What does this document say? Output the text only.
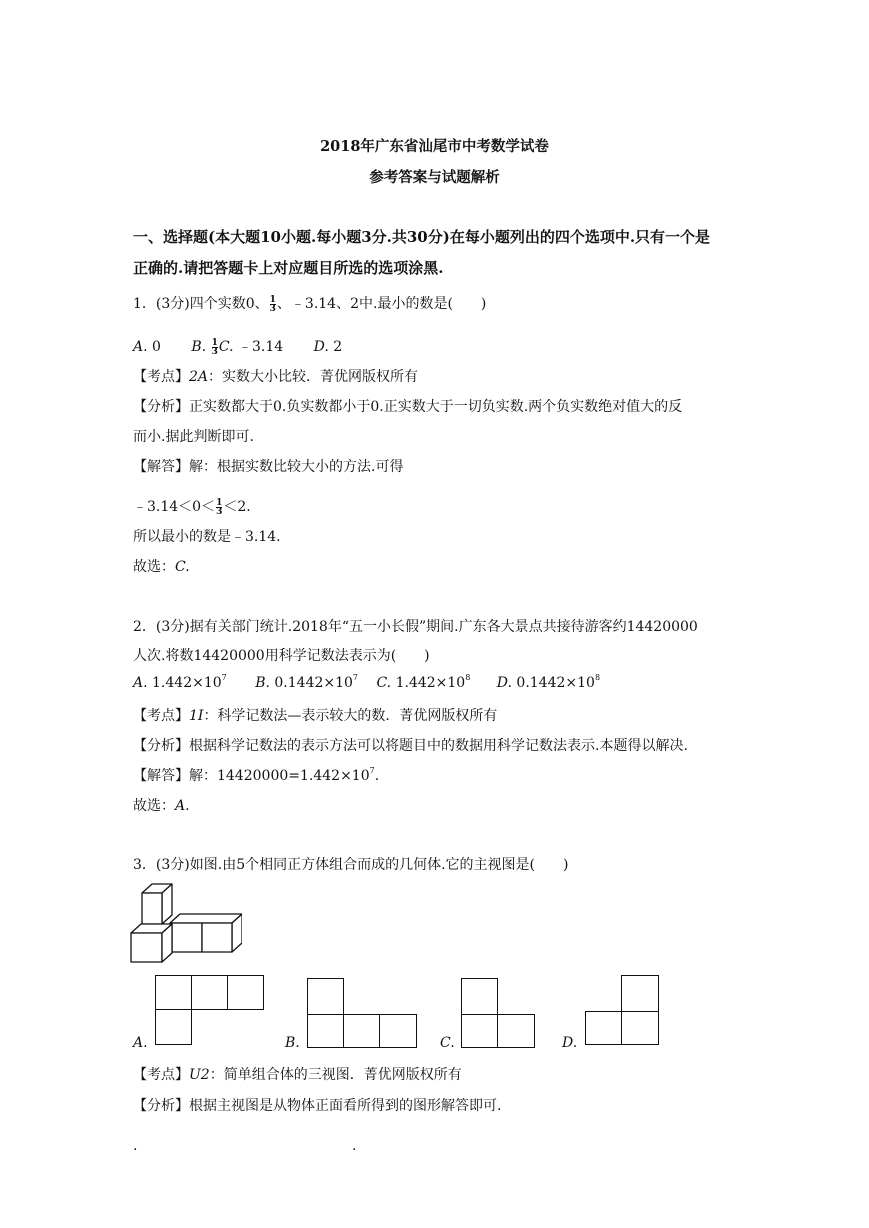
2018年广东省汕尾市中考数学试卷
参考答案与试题解析
一、选择题(本大题10小题.每小题3分.共30分)在每小题列出的四个选项中.只有一个是
正确的.请把答题卡上对应题目所选的选项涂黑.
1．(3分)四个实数0、 $\frac{1}{3}$ 、﹣3.14、2中.最小的数是(　　)
A. 0 B. $\frac{1}{3} C$. ﹣3.14 D. 2
【考点】2A：实数大小比较．菁优网版权所有
【分析】正实数都大于0.负实数都小于0.正实数大于一切负实数.两个负实数绝对值大的反
而小.据此判断即可.
【解答】解：根据实数比较大小的方法.可得
﹣3.14＜0＜ $\frac{1}{3} <2$.
所以最小的数是﹣3.14.
故选：C.
2．(3分)据有关部门统计.2018年“五一小长假”期间.广东各大景点共接待游客约14420000
人次.将数14420000用科学记数法表示为(　　)
A. $1.442\times 10^7$ B. $0.1442\times 10^7$ C. $1.442\times 10^8$ D. $0.1442\times 10^8$
【考点】1I：科学记数法—表示较大的数．菁优网版权所有
【分析】根据科学记数法的表示方法可以将题目中的数据用科学记数法表示.本题得以解决.
【解答】解：$14420000=1.442\times 10^7$.
故选：A.
3．(3分)如图.由5个相同正方体组合而成的几何体.它的主视图是(　　)
A.	B.	C.	D.
【考点】U2：简单组合体的三视图．菁优网版权所有
【分析】根据主视图是从物体正面看所得到的图形解答即可.
.	.
